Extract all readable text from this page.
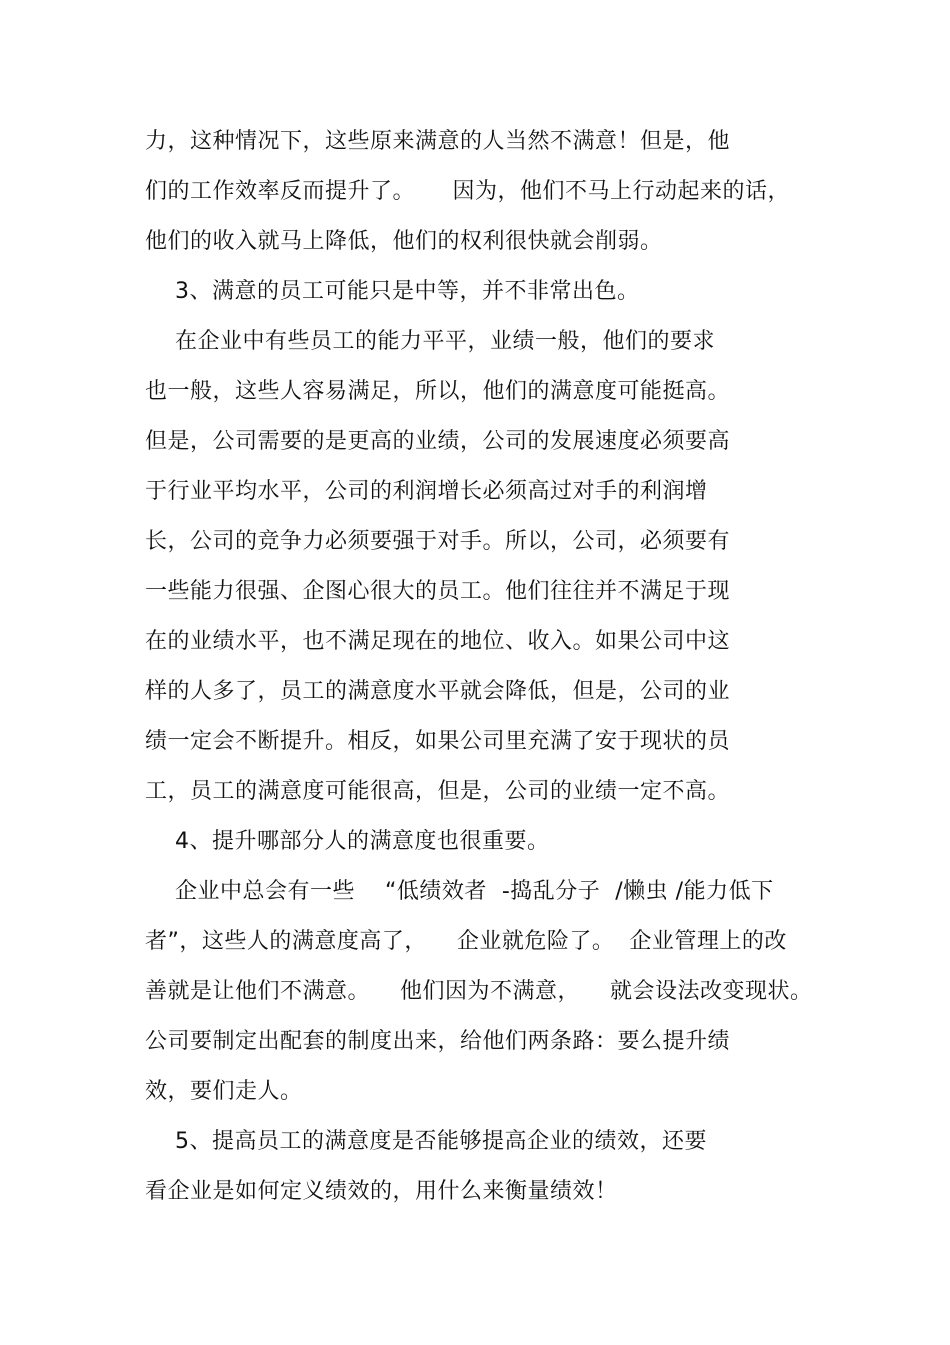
力，这种情况下，这些原来满意的人当然不满意！但是，他
们的工作效率反而提升了。     因为，他们不马上行动起来的话，
他们的收入就马上降低，他们的权利很快就会削弱。
3、满意的员工可能只是中等，并不非常出色。
在企业中有些员工的能力平平，业绩一般，他们的要求
也一般，这些人容易满足，所以，他们的满意度可能挺高。
但是，公司需要的是更高的业绩，公司的发展速度必须要高
于行业平均水平，公司的利润增长必须高过对手的利润增
长，公司的竞争力必须要强于对手。所以，公司，必须要有
一些能力很强、企图心很大的员工。他们往往并不满足于现
在的业绩水平，也不满足现在的地位、收入。如果公司中这
样的人多了，员工的满意度水平就会降低，但是，公司的业
绩一定会不断提升。相反，如果公司里充满了安于现状的员
工，员工的满意度可能很高，但是，公司的业绩一定不高。
4、提升哪部分人的满意度也很重要。
企业中总会有一些    “低绩效者  -捣乱分子  /懒虫 /能力低下
者”，这些人的满意度高了，    企业就危险了。  企业管理上的改
善就是让他们不满意。    他们因为不满意，    就会设法改变现状。
公司要制定出配套的制度出来，给他们两条路：要么提升绩
效，要们走人。
5、提高员工的满意度是否能够提高企业的绩效，还要
看企业是如何定义绩效的，用什么来衡量绩效！
